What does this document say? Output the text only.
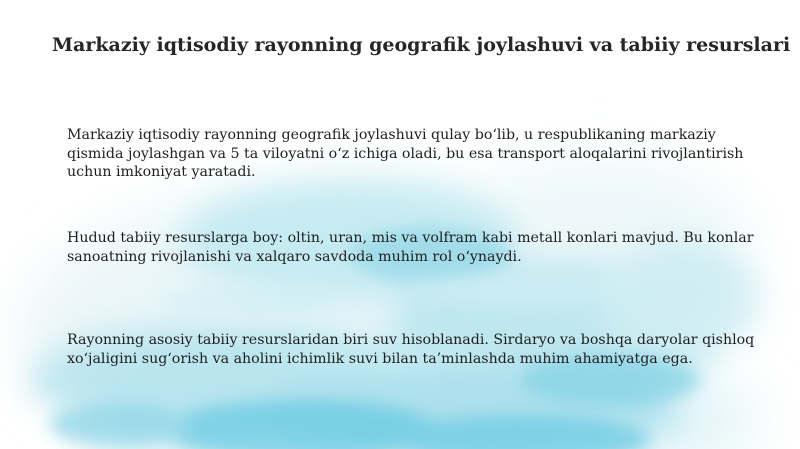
Markaziy iqtisodiy rayonning geografik joylashuvi va tabiiy resurslari

Markaziy iqtisodiy rayonning geografik joylashuvi qulay bo‘lib, u respublikaning markaziy qismida joylashgan va 5 ta viloyatni o‘z ichiga oladi, bu esa transport aloqalarini rivojlantirish uchun imkoniyat yaratadi.

Hudud tabiiy resurslarga boy: oltin, uran, mis va volfram kabi metall konlari mavjud. Bu konlar sanoatning rivojlanishi va xalqaro savdoda muhim rol o‘ynaydi.

Rayonning asosiy tabiiy resurslaridan biri suv hisoblanadi. Sirdaryo va boshqa daryolar qishloq xo‘jaligini sug‘orish va aholini ichimlik suvi bilan ta’minlashda muhim ahamiyatga ega.
